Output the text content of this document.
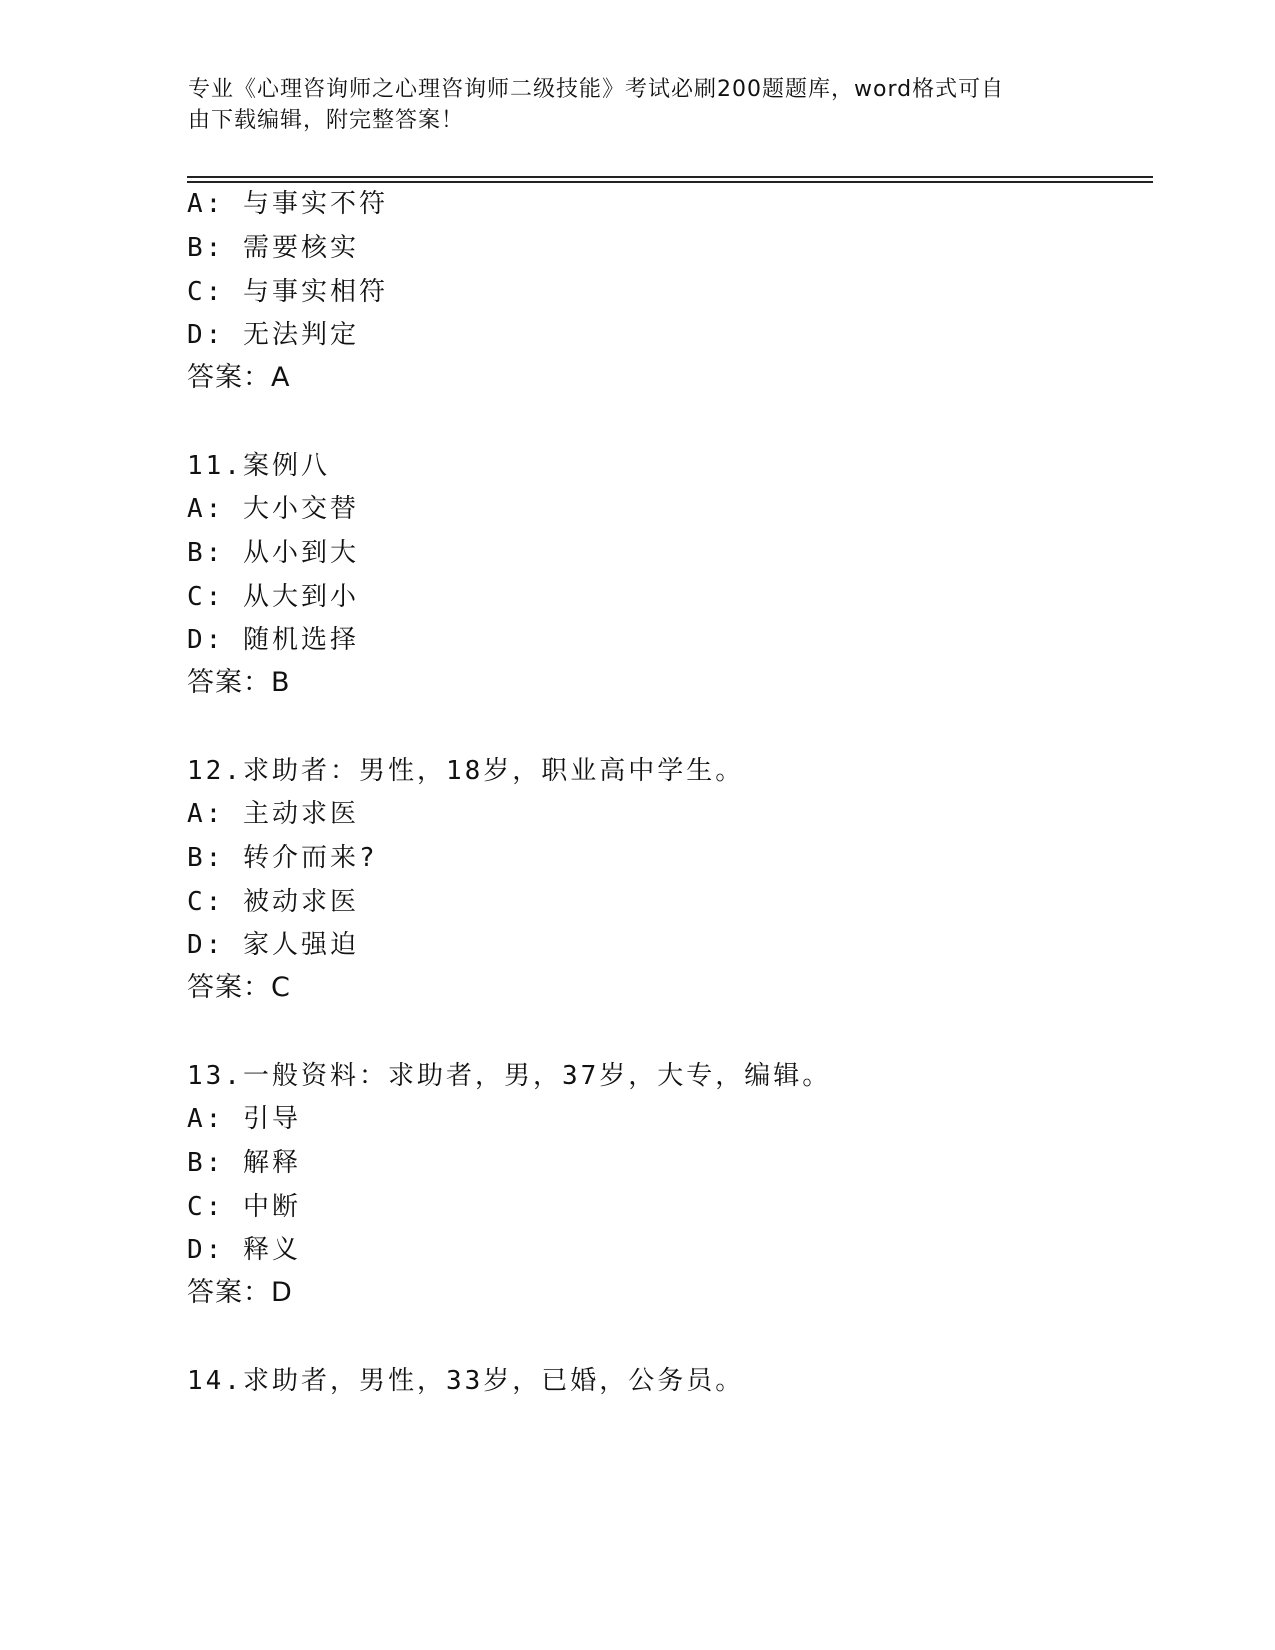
专业《心理咨询师之心理咨询师二级技能》考试必刷200题题库，word格式可自
由下载编辑，附完整答案！
A: 与事实不符
B: 需要核实
C: 与事实相符
D: 无法判定
答案：A
11.案例八
A: 大小交替
B: 从小到大
C: 从大到小
D: 随机选择
答案：B
12.求助者：男性，18岁，职业高中学生。
A: 主动求医
B: 转介而来?
C: 被动求医
D: 家人强迫
答案：C
13.一般资料：求助者，男，37岁，大专，编辑。
A: 引导
B: 解释
C: 中断
D: 释义
答案：D
14.求助者，男性，33岁，已婚，公务员。
